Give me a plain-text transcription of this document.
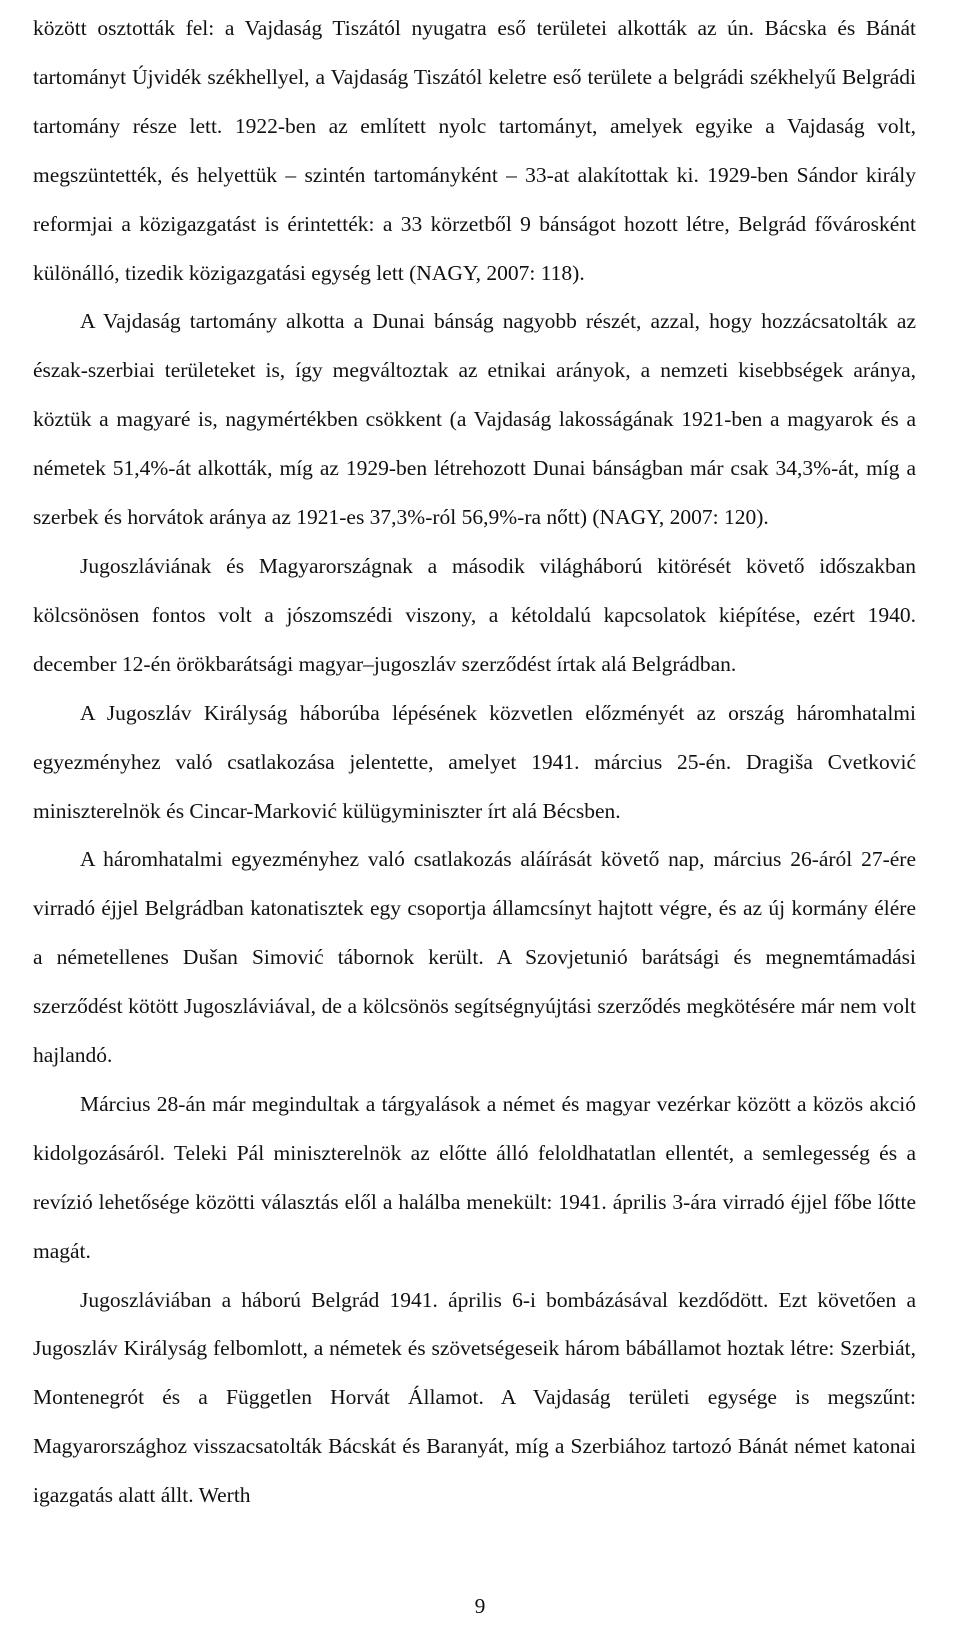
között osztották fel: a Vajdaság Tiszától nyugatra eső területei alkották az ún. Bácska és Bánát tartományt Újvidék székhellyel, a Vajdaság Tiszától keletre eső területe a belgrádi székhelyű Belgrádi tartomány része lett. 1922-ben az említett nyolc tartományt, amelyek egyike a Vajdaság volt, megszüntették, és helyettük – szintén tartományként – 33-at alakítottak ki. 1929-ben Sándor király reformjai a közigazgatást is érintették: a 33 körzetből 9 bánságot hozott létre, Belgrád fővárosként különálló, tizedik közigazgatási egység lett (NAGY, 2007: 118).

A Vajdaság tartomány alkotta a Dunai bánság nagyobb részét, azzal, hogy hozzácsatolták az észak-szerbiai területeket is, így megváltoztak az etnikai arányok, a nemzeti kisebbségek aránya, köztük a magyaré is, nagymértékben csökkent (a Vajdaság lakosságának 1921-ben a magyarok és a németek 51,4%-át alkották, míg az 1929-ben létrehozott Dunai bánságban már csak 34,3%-át, míg a szerbek és horvátok aránya az 1921-es 37,3%-ról 56,9%-ra nőtt) (NAGY, 2007: 120).

Jugoszláviának és Magyarországnak a második világháború kitörését követő időszakban kölcsönösen fontos volt a jószomszédi viszony, a kétoldalú kapcsolatok kiépítése, ezért 1940. december 12-én örökbarátsági magyar–jugoszláv szerződést írtak alá Belgrádban.

A Jugoszláv Királyság háborúba lépésének közvetlen előzményét az ország háromhatalmi egyezményhez való csatlakozása jelentette, amelyet 1941. március 25-én. Dragiša Cvetković miniszterelnök és Cincar-Marković külügyminiszter írt alá Bécsben.

A háromhatalmi egyezményhez való csatlakozás aláírását követő nap, március 26-áról 27-ére virradó éjjel Belgrádban katonatisztek egy csoportja államcsínyt hajtott végre, és az új kormány élére a németellenes Dušan Simović tábornok került. A Szovjetunió barátsági és megnemtámadási szerződést kötött Jugoszláviával, de a kölcsönös segítségnyújtási szerződés megkötésére már nem volt hajlandó.

Március 28-án már megindultak a tárgyalások a német és magyar vezérkar között a közös akció kidolgozásáról. Teleki Pál miniszterelnök az előtte álló feloldhatatlan ellentét, a semlegesség és a revízió lehetősége közötti választás elől a halálba menekült: 1941. április 3-ára virradó éjjel főbe lőtte magát.

Jugoszláviában a háború Belgrád 1941. április 6-i bombázásával kezdődött. Ezt követően a Jugoszláv Királyság felbomlott, a németek és szövetségeseik három bábállamot hoztak létre: Szerbiát, Montenegrót és a Független Horvát Államot. A Vajdaság területi egysége is megszűnt: Magyarországhoz visszacsatolták Bácskát és Baranyát, míg a Szerbiához tartozó Bánát német katonai igazgatás alatt állt. Werth

9
